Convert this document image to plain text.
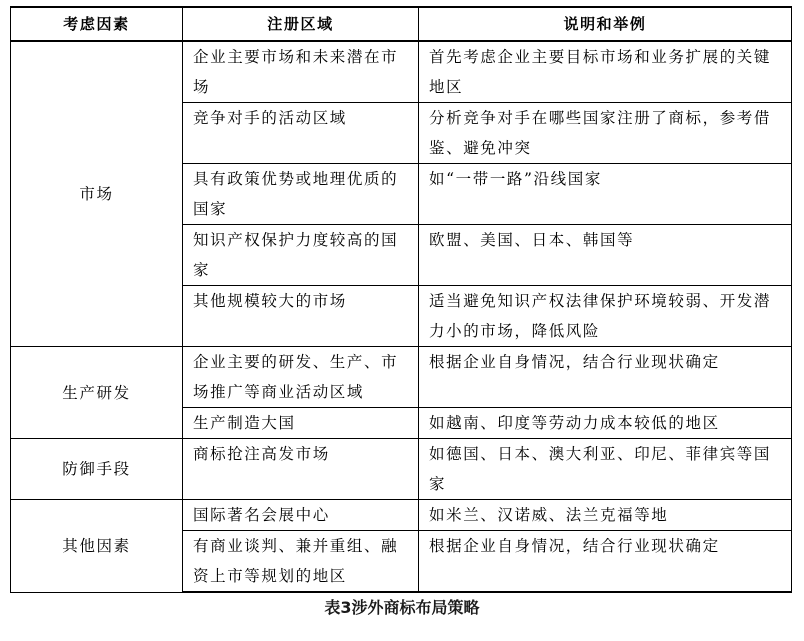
考虑因素	注册区域	说明和举例
市场	企业主要市场和未来潜在市场	首先考虑企业主要目标市场和业务扩展的关键地区
	竞争对手的活动区域	分析竞争对手在哪些国家注册了商标，参考借鉴、避免冲突
	具有政策优势或地理优质的国家	如“一带一路”沿线国家
	知识产权保护力度较高的国家	欧盟、美国、日本、韩国等
	其他规模较大的市场	适当避免知识产权法律保护环境较弱、开发潜力小的市场，降低风险
生产研发	企业主要的研发、生产、市场推广等商业活动区域	根据企业自身情况，结合行业现状确定
	生产制造大国	如越南、印度等劳动力成本较低的地区
防御手段	商标抢注高发市场	如德国、日本、澳大利亚、印尼、菲律宾等国家
其他因素	国际著名会展中心	如米兰、汉诺威、法兰克福等地
	有商业谈判、兼并重组、融资上市等规划的地区	根据企业自身情况，结合行业现状确定
表3涉外商标布局策略
